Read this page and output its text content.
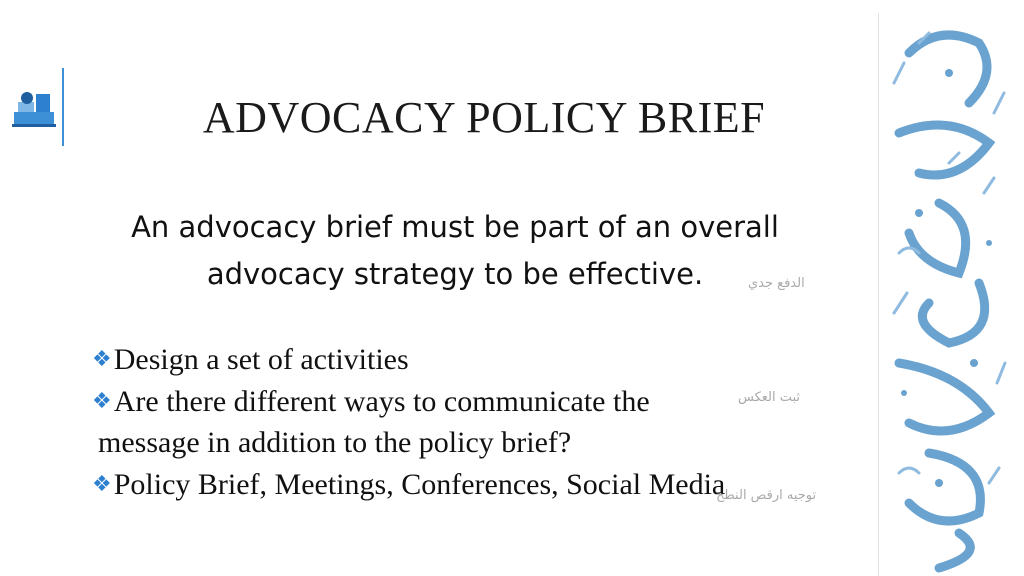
ADVOCACY POLICY BRIEF
An advocacy brief must be part of an overall
advocacy strategy to be effective.
❖Design a set of activities
❖Are there different ways to communicate the
message in addition to the policy brief?
❖Policy Brief, Meetings, Conferences, Social Media
الدفع جدي
ثبت العكس
توجيه ارقص النطح
